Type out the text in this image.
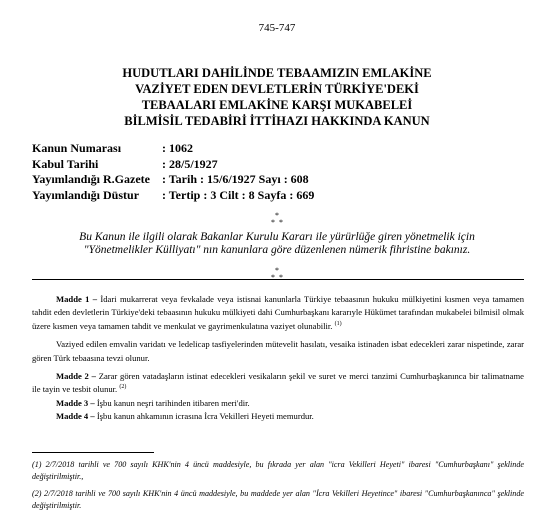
745-747
HUDUTLARI DAHİLİNDE TEBAAMIZIN EMLAKİNE
VAZİYET EDEN DEVLETLERİN TÜRKİYE'DEKİ
TEBAALARI EMLAKİNE KARŞI MUKABELEİ
BİLMİSİL TEDABİRİ İTTİHAZI HAKKINDA KANUN
Kanun Numarası	: 1062
Kabul Tarihi	: 28/5/1927
Yayımlandığı R.Gazete	: Tarih : 15/6/1927 Sayı : 608
Yayımlandığı Düstur	: Tertip : 3 Cilt : 8 Sayfa : 669
*
* *
Bu Kanun ile ilgili olarak Bakanlar Kurulu Kararı ile yürürlüğe giren yönetmelik için "Yönetmelikler Külliyatı" nın kanunlara göre düzenlenen nümerik fihristine bakınız.
*
* *

Madde 1 – İdari mukarrerat veya fevkalade veya istisnai kanunlarla Türkiye tebaasının hukuku mülkiyetini kısmen veya tamamen tahdit eden devletlerin Türkiye'deki tebaasının hukuku mülkiyeti dahi Cumhurbaşkanı kararıyle Hükümet tarafından mukabelei bilmisil olmak üzere kısmen veya tamamen tahdit ve menkulat ve gayrimenkulatına vaziyet olunabilir. $^{(1)}$

Vaziyed edilen emvalin varidatı ve ledelicap tasfiyelerinden mütevelit hasılatı, vesaika istinaden isbat edecekleri zarar nispetinde, zarar gören Türk tebaasına tevzi olunur.

Madde 2 – Zarar gören vatadaşların istinat edecekleri vesikaların şekil ve suret ve merci tanzimi Cumhurbaşkanınca bir talimatname ile tayin ve tesbit olunur. $^{(2)}$

Madde 3 – İşbu kanun neşri tarihinden itibaren meri'dir.

Madde 4 – İşbu kanun ahkamının icrasına İcra Vekilleri Heyeti memurdur.

(1) 2/7/2018 tarihli ve 700 sayılı KHK'nin 4 üncü maddesiyle, bu fıkrada yer alan "icra Vekilleri Heyeti" ibaresi "Cumhurbaşkanı" şeklinde değiştirilmiştir.,
(2) 2/7/2018 tarihli ve 700 sayılı KHK'nin 4 üncü maddesiyle, bu maddede yer alan "İcra Vekilleri Heyetince" ibaresi "Cumhurbaşkanınca" şeklinde değiştirilmiştir.
